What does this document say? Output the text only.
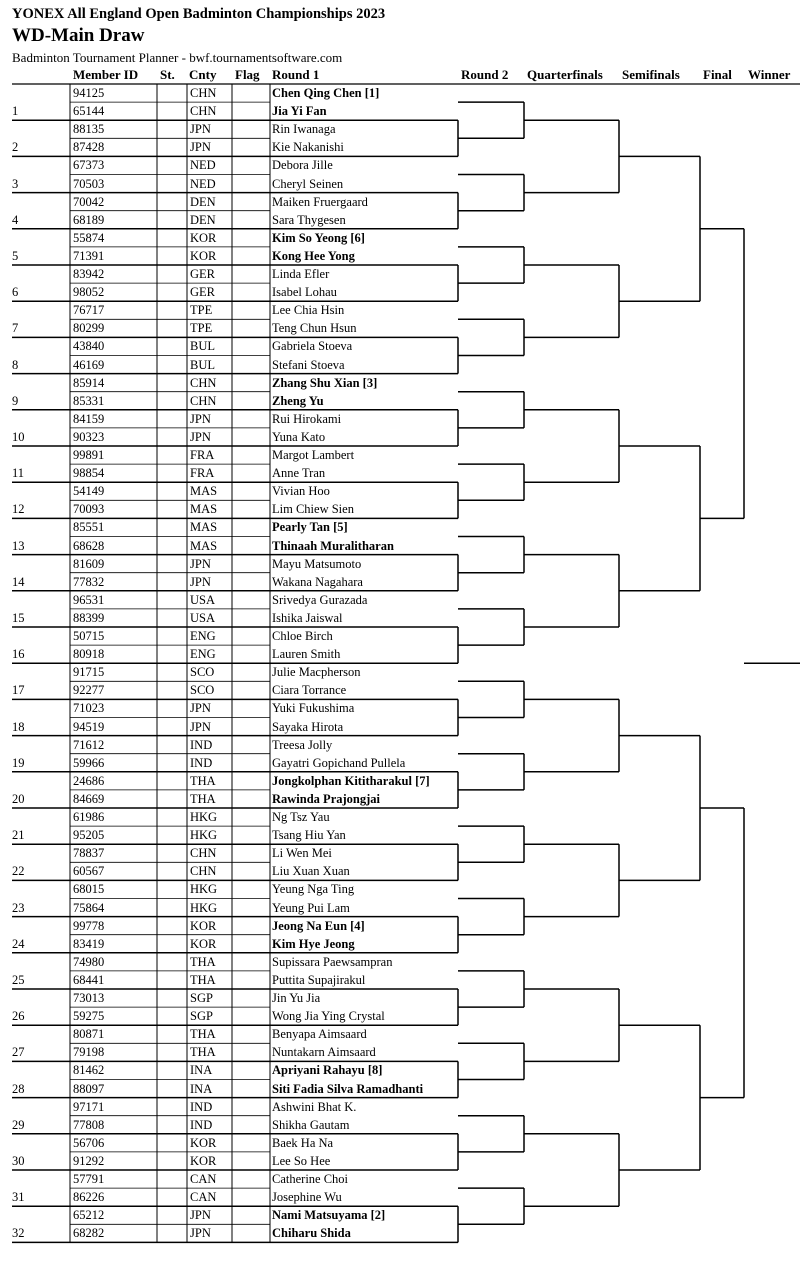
YONEX All England Open Badminton Championships 2023
WD-Main Draw
Badminton Tournament Planner - bwf.tournamentsoftware.com
Member ID St. Cnty Flag Round 1	Round 2 Quarterfinals Semifinals Final Winner
1
94125	CHN	Chen Qing Chen [1]
65144	CHN	Jia Yi Fan
2
88135	JPN	Rin Iwanaga
87428	JPN	Kie Nakanishi
3
67373	NED	Debora Jille
70503	NED	Cheryl Seinen
4
70042	DEN	Maiken Fruergaard
68189	DEN	Sara Thygesen
5
55874	KOR	Kim So Yeong [6]
71391	KOR	Kong Hee Yong
6
83942	GER	Linda Efler
98052	GER	Isabel Lohau
7
76717	TPE	Lee Chia Hsin
80299	TPE	Teng Chun Hsun
8
43840	BUL	Gabriela Stoeva
46169	BUL	Stefani Stoeva
9
85914	CHN	Zhang Shu Xian [3]
85331	CHN	Zheng Yu
10
84159	JPN	Rui Hirokami
90323	JPN	Yuna Kato
11
99891	FRA	Margot Lambert
98854	FRA	Anne Tran
12
54149	MAS	Vivian Hoo
70093	MAS	Lim Chiew Sien
13
85551	MAS	Pearly Tan [5]
68628	MAS	Thinaah Muralitharan
14
81609	JPN	Mayu Matsumoto
77832	JPN	Wakana Nagahara
15
96531	USA	Srivedya Gurazada
88399	USA	Ishika Jaiswal
16
50715	ENG	Chloe Birch
80918	ENG	Lauren Smith
17
91715	SCO	Julie Macpherson
92277	SCO	Ciara Torrance
18
71023	JPN	Yuki Fukushima
94519	JPN	Sayaka Hirota
19
71612	IND	Treesa Jolly
59966	IND	Gayatri Gopichand Pullela
20
24686	THA	Jongkolphan Kititharakul [7]
84669	THA	Rawinda Prajongjai
21
61986	HKG	Ng Tsz Yau
95205	HKG	Tsang Hiu Yan
22
78837	CHN	Li Wen Mei
60567	CHN	Liu Xuan Xuan
23
68015	HKG	Yeung Nga Ting
75864	HKG	Yeung Pui Lam
24
99778	KOR	Jeong Na Eun [4]
83419	KOR	Kim Hye Jeong
25
74980	THA	Supissara Paewsampran
68441	THA	Puttita Supajirakul
26
73013	SGP	Jin Yu Jia
59275	SGP	Wong Jia Ying Crystal
27
80871	THA	Benyapa Aimsaard
79198	THA	Nuntakarn Aimsaard
28
81462	INA	Apriyani Rahayu [8]
88097	INA	Siti Fadia Silva Ramadhanti
29
97171	IND	Ashwini Bhat K.
77808	IND	Shikha Gautam
30
56706	KOR	Baek Ha Na
91292	KOR	Lee So Hee
31
57791	CAN	Catherine Choi
86226	CAN	Josephine Wu
32
65212	JPN	Nami Matsuyama [2]
68282	JPN	Chiharu Shida
